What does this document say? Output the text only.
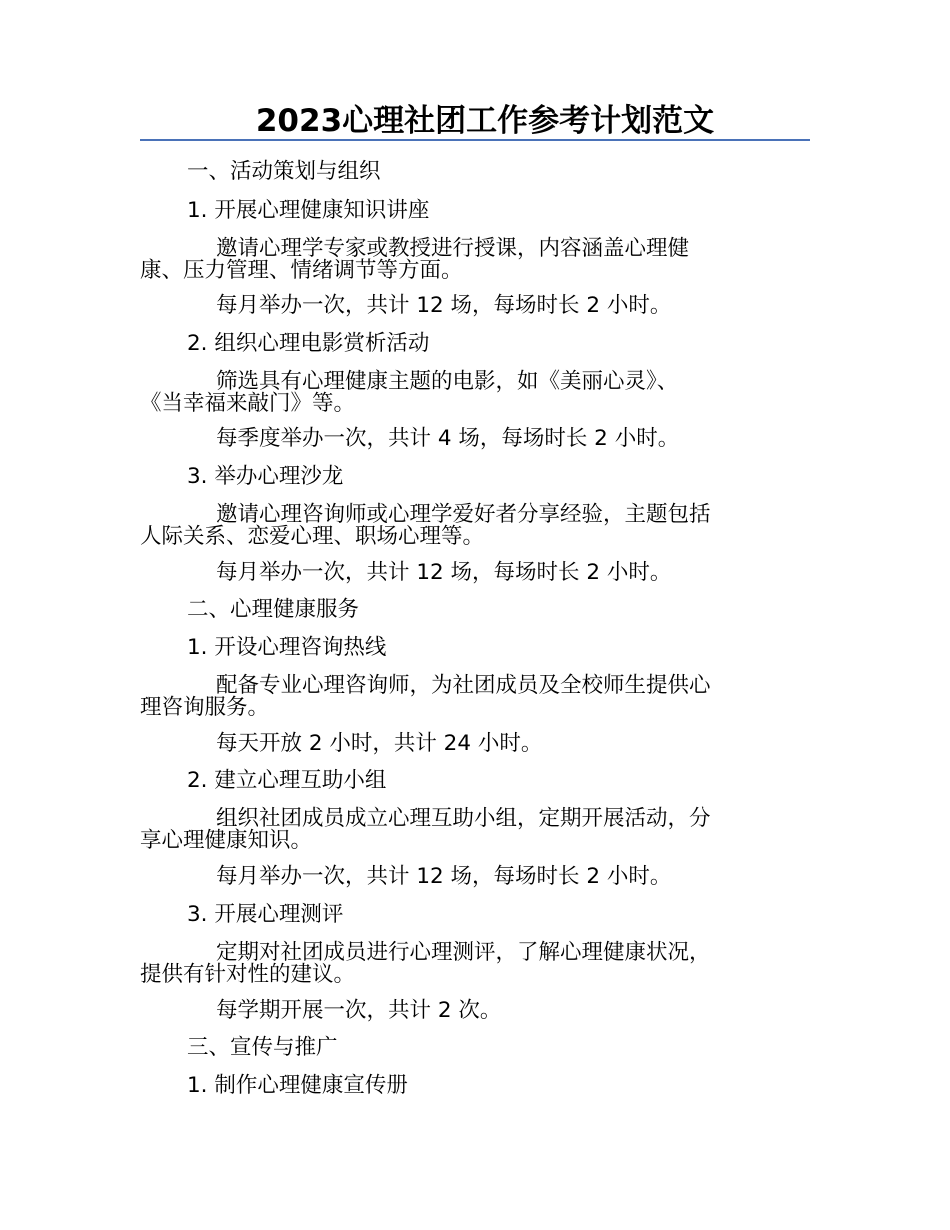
2023心理社团工作参考计划范文
一、活动策划与组织
1. 开展心理健康知识讲座
邀请心理学专家或教授进行授课，内容涵盖心理健
康、压力管理、情绪调节等方面。
每月举办一次，共计 12 场，每场时长 2 小时。
2. 组织心理电影赏析活动
筛选具有心理健康主题的电影，如《美丽心灵》、
《当幸福来敲门》等。
每季度举办一次，共计 4 场，每场时长 2 小时。
3. 举办心理沙龙
邀请心理咨询师或心理学爱好者分享经验，主题包括
人际关系、恋爱心理、职场心理等。
每月举办一次，共计 12 场，每场时长 2 小时。
二、心理健康服务
1. 开设心理咨询热线
配备专业心理咨询师，为社团成员及全校师生提供心
理咨询服务。
每天开放 2 小时，共计 24 小时。
2. 建立心理互助小组
组织社团成员成立心理互助小组，定期开展活动，分
享心理健康知识。
每月举办一次，共计 12 场，每场时长 2 小时。
3. 开展心理测评
定期对社团成员进行心理测评，了解心理健康状况，
提供有针对性的建议。
每学期开展一次，共计 2 次。
三、宣传与推广
1. 制作心理健康宣传册
